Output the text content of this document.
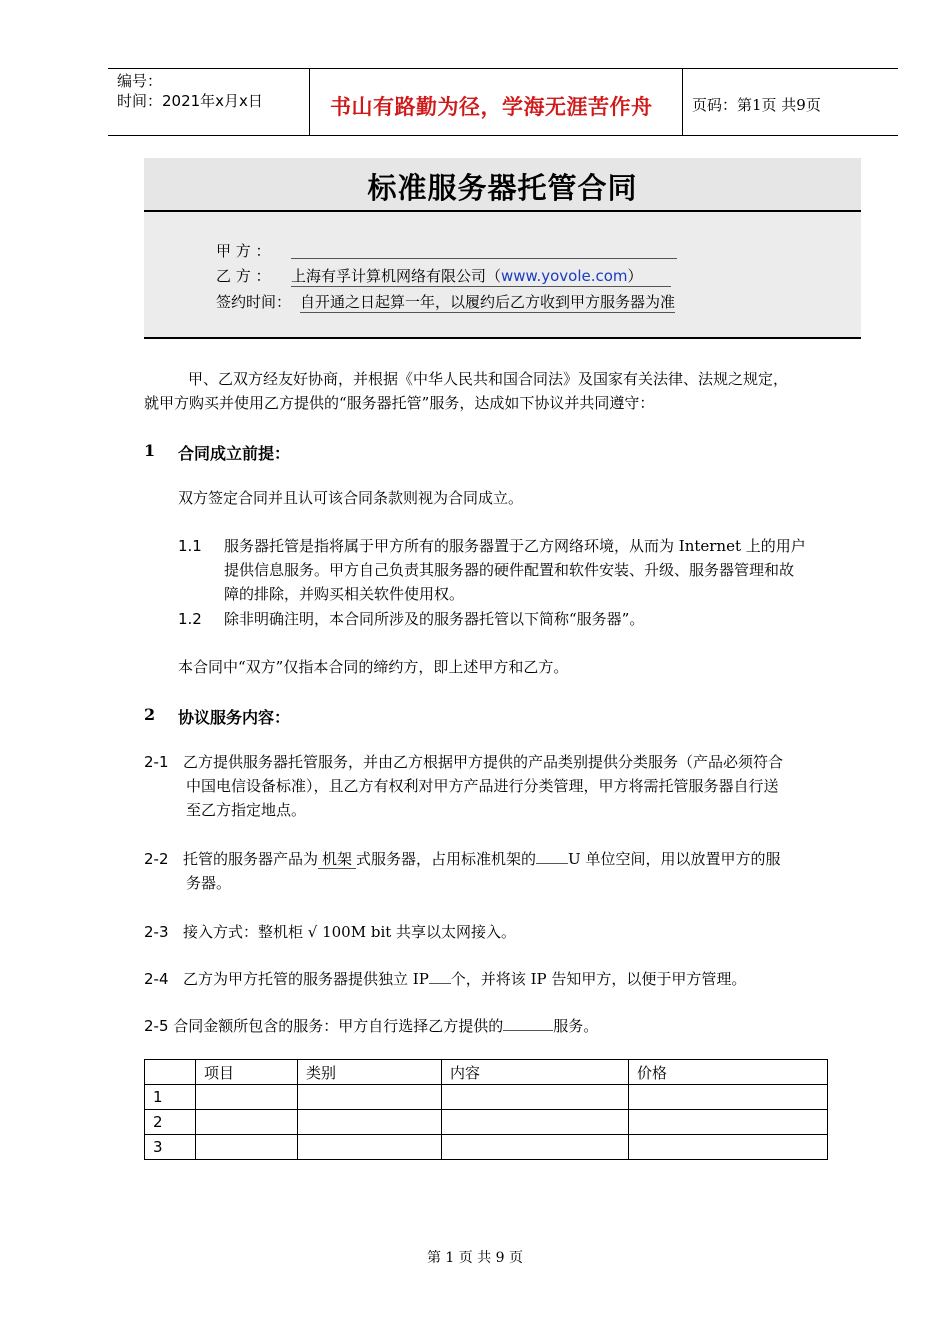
编号：
时间：2021年x月x日	书山有路勤为径，学海无涯苦作舟	页码：第1页 共9页
标准服务器托管合同
甲 方 ：
乙 方 ： 上海有孚计算机网络有限公司（www.yovole.com）
签约时间： 自开通之日起算一年，以履约后乙方收到甲方服务器为准
甲、乙双方经友好协商，并根据《中华人民共和国合同法》及国家有关法律、法规之规定，
就甲方购买并使用乙方提供的“服务器托管”服务，达成如下协议并共同遵守：
1 合同成立前提：
双方签定合同并且认可该合同条款则视为合同成立。
1.1 服务器托管是指将属于甲方所有的服务器置于乙方网络环境，从而为 Internet 上的用户
提供信息服务。甲方自己负责其服务器的硬件配置和软件安装、升级、服务器管理和故
障的排除，并购买相关软件使用权。
1.2 除非明确注明，本合同所涉及的服务器托管以下简称“服务器”。
本合同中“双方”仅指本合同的缔约方，即上述甲方和乙方。
2 协议服务内容：
2-1 乙方提供服务器托管服务，并由乙方根据甲方提供的产品类别提供分类服务（产品必须符合
中国电信设备标准），且乙方有权利对甲方产品进行分类管理，甲方将需托管服务器自行送
至乙方指定地点。
2-2 托管的服务器产品为 机架 式服务器，占用标准机架的 U 单位空间，用以放置甲方的服
务器。
2-3 接入方式：整机柜 √ 100M bit 共享以太网接入。
2-4 乙方为甲方托管的服务器提供独立 IP 个，并将该 IP 告知甲方，以便于甲方管理。
2-5 合同金额所包含的服务：甲方自行选择乙方提供的	服务。
	项目	类别	内容	价格
1				
2				
3				
第 1 页 共 9 页
